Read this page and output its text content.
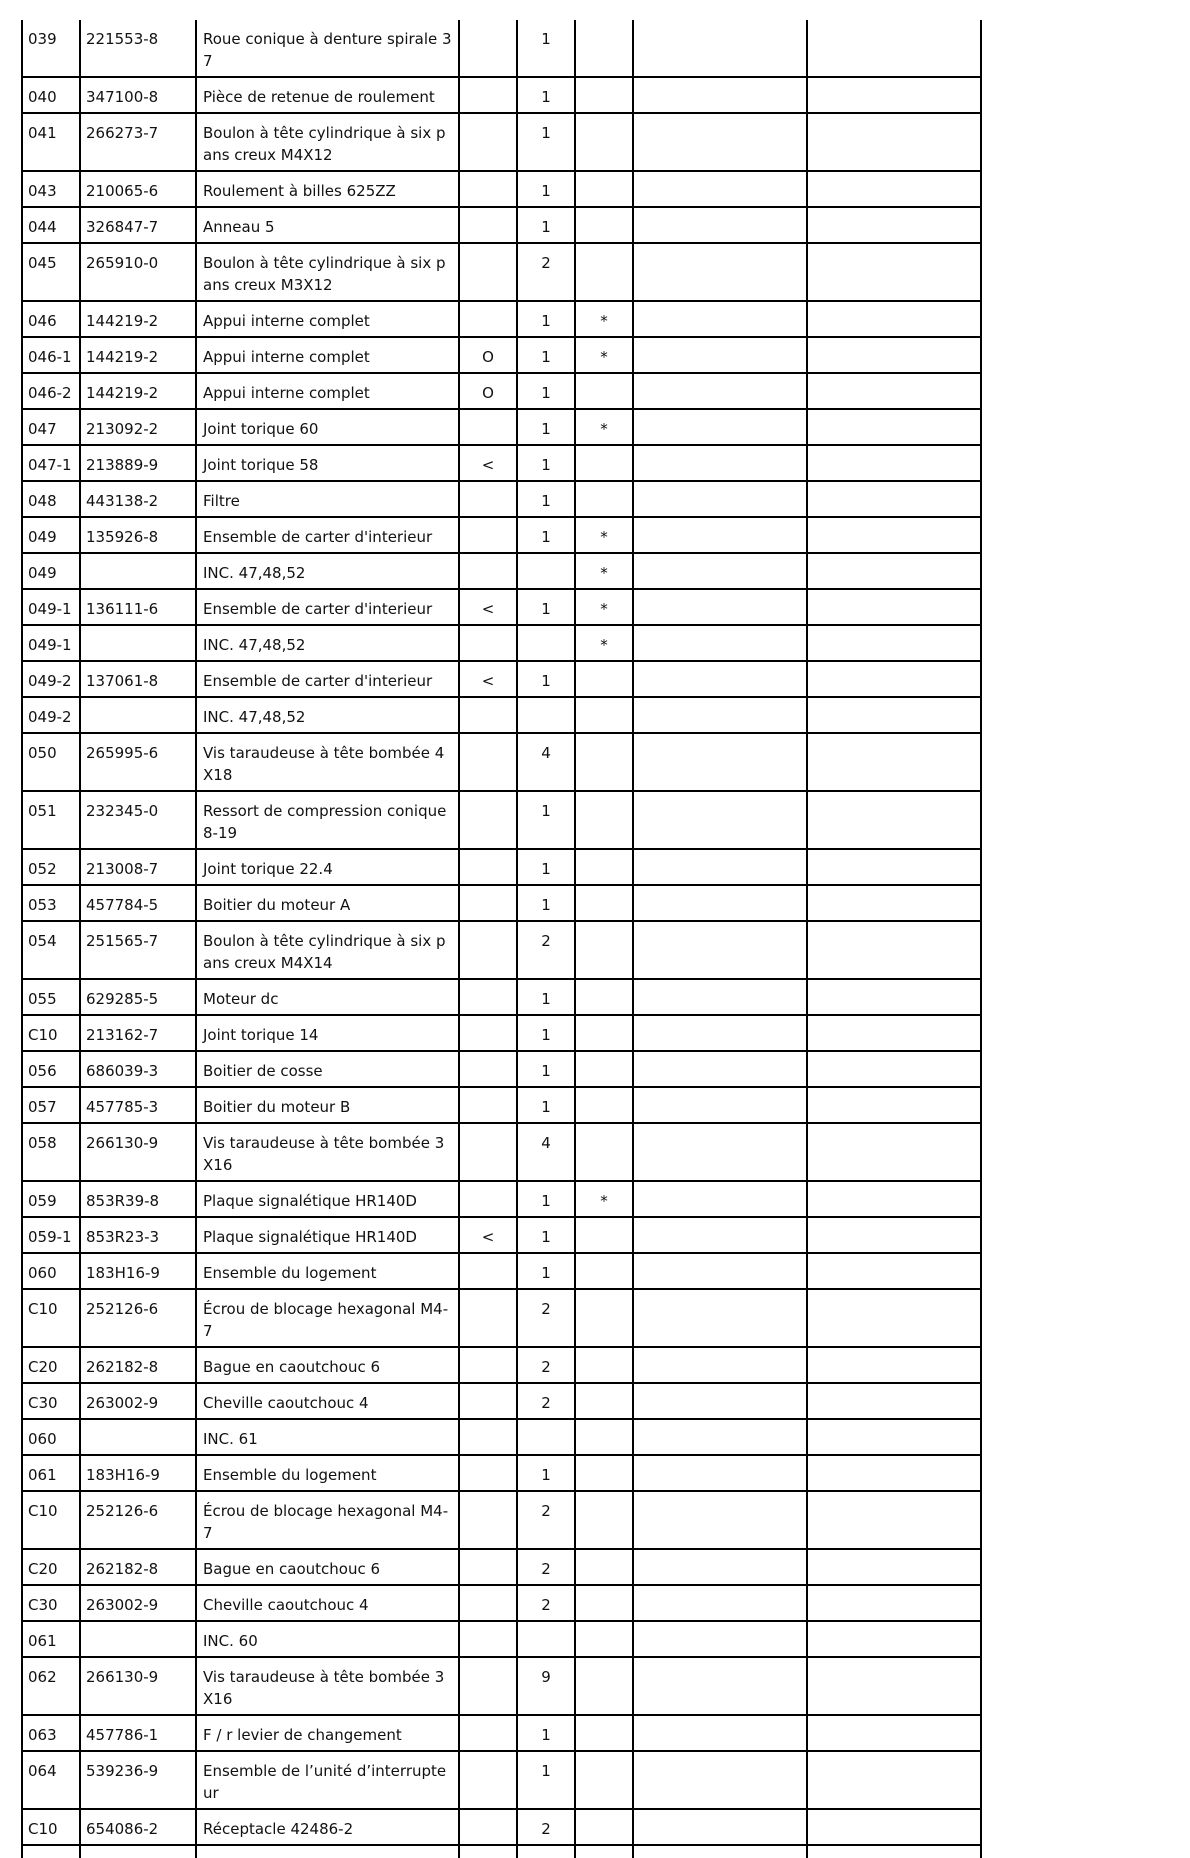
039	221553-8	Roue conique à denture spirale 37		1			
040	347100-8	Pièce de retenue de roulement		1			
041	266273-7	Boulon à tête cylindrique à six pans creux M4X12		1			
043	210065-6	Roulement à billes 625ZZ		1			
044	326847-7	Anneau 5		1			
045	265910-0	Boulon à tête cylindrique à six pans creux M3X12		2			
046	144219-2	Appui interne complet		1	*		
046-1	144219-2	Appui interne complet	O	1	*		
046-2	144219-2	Appui interne complet	O	1			
047	213092-2	Joint torique 60		1	*		
047-1	213889-9	Joint torique 58	<	1			
048	443138-2	Filtre		1			
049	135926-8	Ensemble de carter d'interieur		1	*		
049		INC. 47,48,52			*		
049-1	136111-6	Ensemble de carter d'interieur	<	1	*		
049-1		INC. 47,48,52			*		
049-2	137061-8	Ensemble de carter d'interieur	<	1			
049-2		INC. 47,48,52					
050	265995-6	Vis taraudeuse à tête bombée 4X18		4			
051	232345-0	Ressort de compression conique 8-19		1			
052	213008-7	Joint torique 22.4		1			
053	457784-5	Boitier du moteur A		1			
054	251565-7	Boulon à tête cylindrique à six pans creux M4X14		2			
055	629285-5	Moteur dc		1			
C10	213162-7	Joint torique 14		1			
056	686039-3	Boitier de cosse		1			
057	457785-3	Boitier du moteur B		1			
058	266130-9	Vis taraudeuse à tête bombée 3X16		4			
059	853R39-8	Plaque signalétique HR140D		1	*		
059-1	853R23-3	Plaque signalétique HR140D	<	1			
060	183H16-9	Ensemble du logement		1			
C10	252126-6	Écrou de blocage hexagonal M4-7		2			
C20	262182-8	Bague en caoutchouc 6		2			
C30	263002-9	Cheville caoutchouc 4		2			
060		INC. 61					
061	183H16-9	Ensemble du logement		1			
C10	252126-6	Écrou de blocage hexagonal M4-7		2			
C20	262182-8	Bague en caoutchouc 6		2			
C30	263002-9	Cheville caoutchouc 4		2			
061		INC. 60					
062	266130-9	Vis taraudeuse à tête bombée 3X16		9			
063	457786-1	F / r levier de changement		1			
064	539236-9	Ensemble de l’unité d’interrupteur		1			
C10	654086-2	Réceptacle 42486-2		2			
